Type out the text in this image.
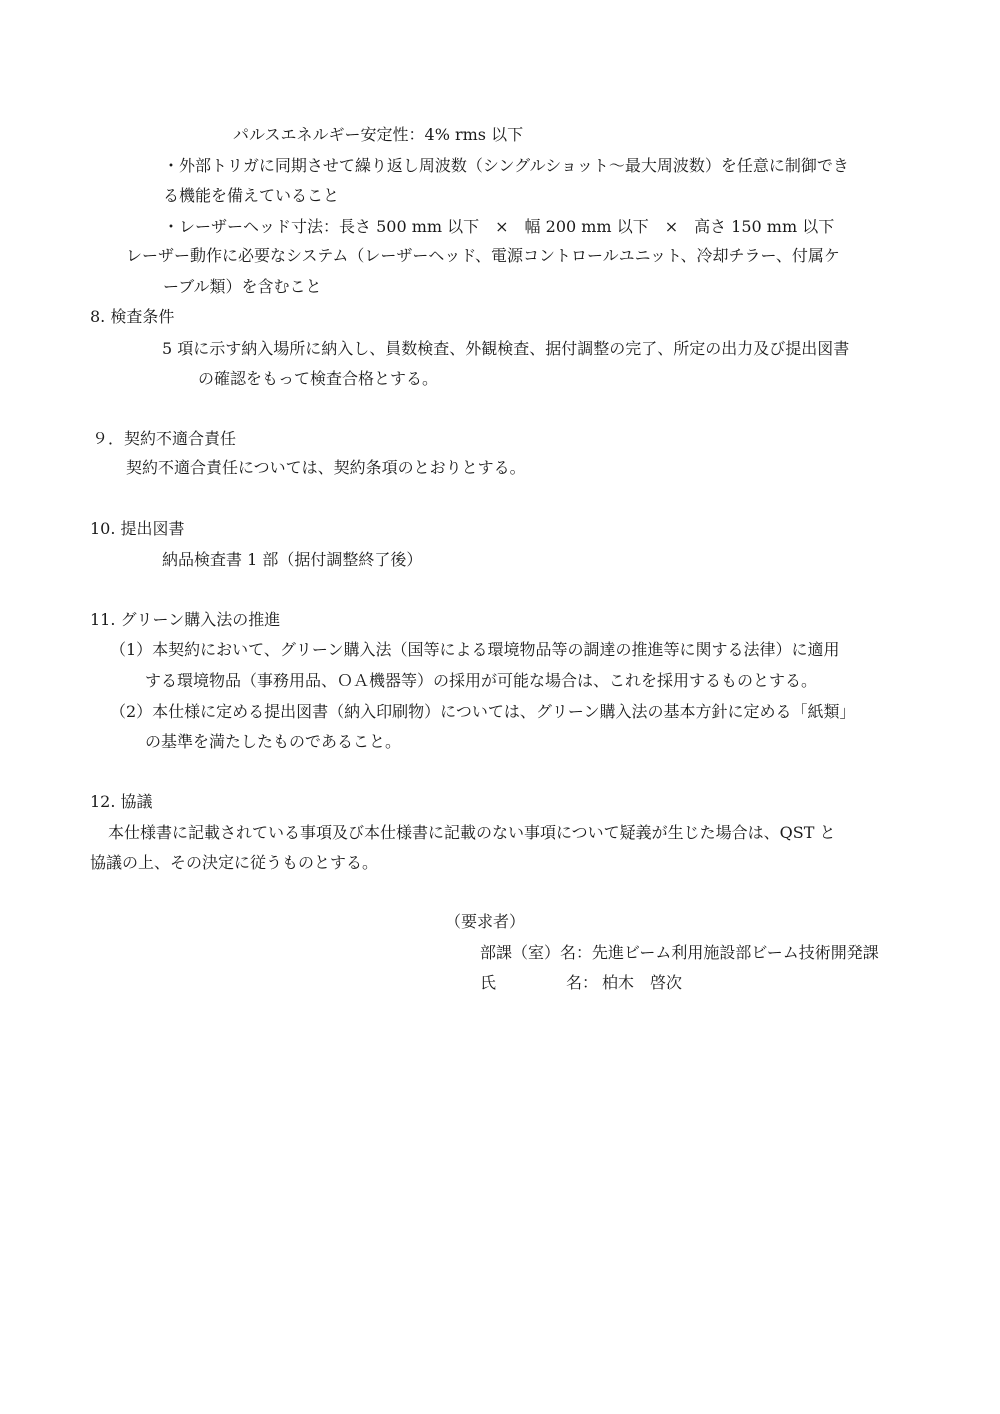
パルスエネルギー安定性：4% rms 以下
・外部トリガに同期させて繰り返し周波数（シングルショット～最大周波数）を任意に制御でき
る機能を備えていること
・レーザーヘッド寸法：長さ 500 mm 以下　×　幅 200 mm 以下　×　高さ 150 mm 以下
レーザー動作に必要なシステム（レーザーヘッド、電源コントロールユニット、冷却チラー、付属ケ
ーブル類）を含むこと
8. 検査条件
5 項に示す納入場所に納入し、員数検査、外観検査、据付調整の完了、所定の出力及び提出図書
の確認をもって検査合格とする。
９．契約不適合責任
契約不適合責任については、契約条項のとおりとする。
10. 提出図書
納品検査書 1 部（据付調整終了後）
11. グリーン購入法の推進
（1）本契約において、グリーン購入法（国等による環境物品等の調達の推進等に関する法律）に適用
する環境物品（事務用品、ＯＡ機器等）の採用が可能な場合は、これを採用するものとする。
（2）本仕様に定める提出図書（納入印刷物）については、グリーン購入法の基本方針に定める「紙類」
の基準を満たしたものであること。
12. 協議
本仕様書に記載されている事項及び本仕様書に記載のない事項について疑義が生じた場合は、QST と
協議の上、その決定に従うものとする。
（要求者）
部課（室）名： 先進ビーム利用施設部ビーム技術開発課
氏	名： 柏木　啓次
